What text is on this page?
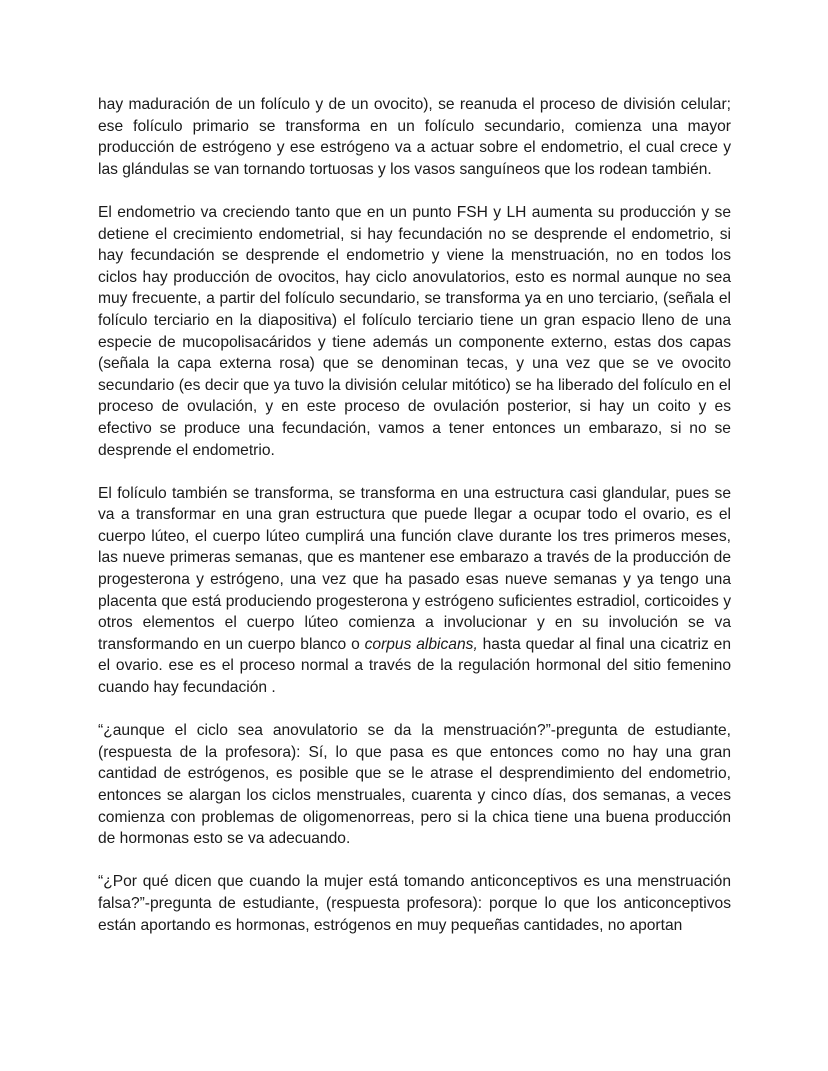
hay maduración de un folículo y de un ovocito), se reanuda el proceso de división celular; ese folículo primario se transforma en un folículo secundario, comienza una mayor producción de estrógeno y ese estrógeno va a actuar sobre el endometrio, el cual crece y las glándulas se van tornando tortuosas y los vasos sanguíneos que los rodean también.

El endometrio va creciendo tanto que en un punto FSH y LH aumenta su producción y se detiene el crecimiento endometrial, si hay fecundación no se desprende el endometrio, si hay fecundación se desprende el endometrio y viene la menstruación, no en todos los ciclos hay producción de ovocitos, hay ciclo anovulatorios, esto es normal aunque no sea muy frecuente, a partir del folículo secundario, se transforma ya en uno terciario, (señala el folículo terciario en la diapositiva) el folículo terciario tiene un gran espacio lleno de una especie de mucopolisacáridos y tiene además un componente externo, estas dos capas (señala la capa externa rosa) que se denominan tecas, y una vez que se ve ovocito secundario (es decir que ya tuvo la división celular mitótico) se ha liberado del folículo en el proceso de ovulación, y en este proceso de ovulación posterior, si hay un coito y es efectivo se produce una fecundación, vamos a tener entonces un embarazo, si no se desprende el endometrio.

El folículo también se transforma, se transforma en una estructura casi glandular, pues se va a transformar en una gran estructura que puede llegar a ocupar todo el ovario, es el cuerpo lúteo, el cuerpo lúteo cumplirá una función clave durante los tres primeros meses, las nueve primeras semanas, que es mantener ese embarazo a través de la producción de progesterona y estrógeno, una vez que ha pasado esas nueve semanas y ya tengo una placenta que está produciendo progesterona y estrógeno suficientes estradiol, corticoides y otros elementos el cuerpo lúteo comienza a involucionar y en su involución se va transformando en un cuerpo blanco o corpus albicans, hasta quedar al final una cicatriz en el ovario. ese es el proceso normal a través de la regulación hormonal del sitio femenino cuando hay fecundación .

“¿aunque el ciclo sea anovulatorio se da la menstruación?”-pregunta de estudiante, (respuesta de la profesora): Sí, lo que pasa es que entonces como no hay una gran cantidad de estrógenos, es posible que se le atrase el desprendimiento del endometrio, entonces se alargan los ciclos menstruales, cuarenta y cinco días, dos semanas, a veces comienza con problemas de oligomenorreas, pero si la chica tiene una buena producción de hormonas esto se va adecuando.

“¿Por qué dicen que cuando la mujer está tomando anticonceptivos es una menstruación falsa?”-pregunta de estudiante, (respuesta profesora): porque lo que los anticonceptivos están aportando es hormonas, estrógenos en muy pequeñas cantidades, no aportan
